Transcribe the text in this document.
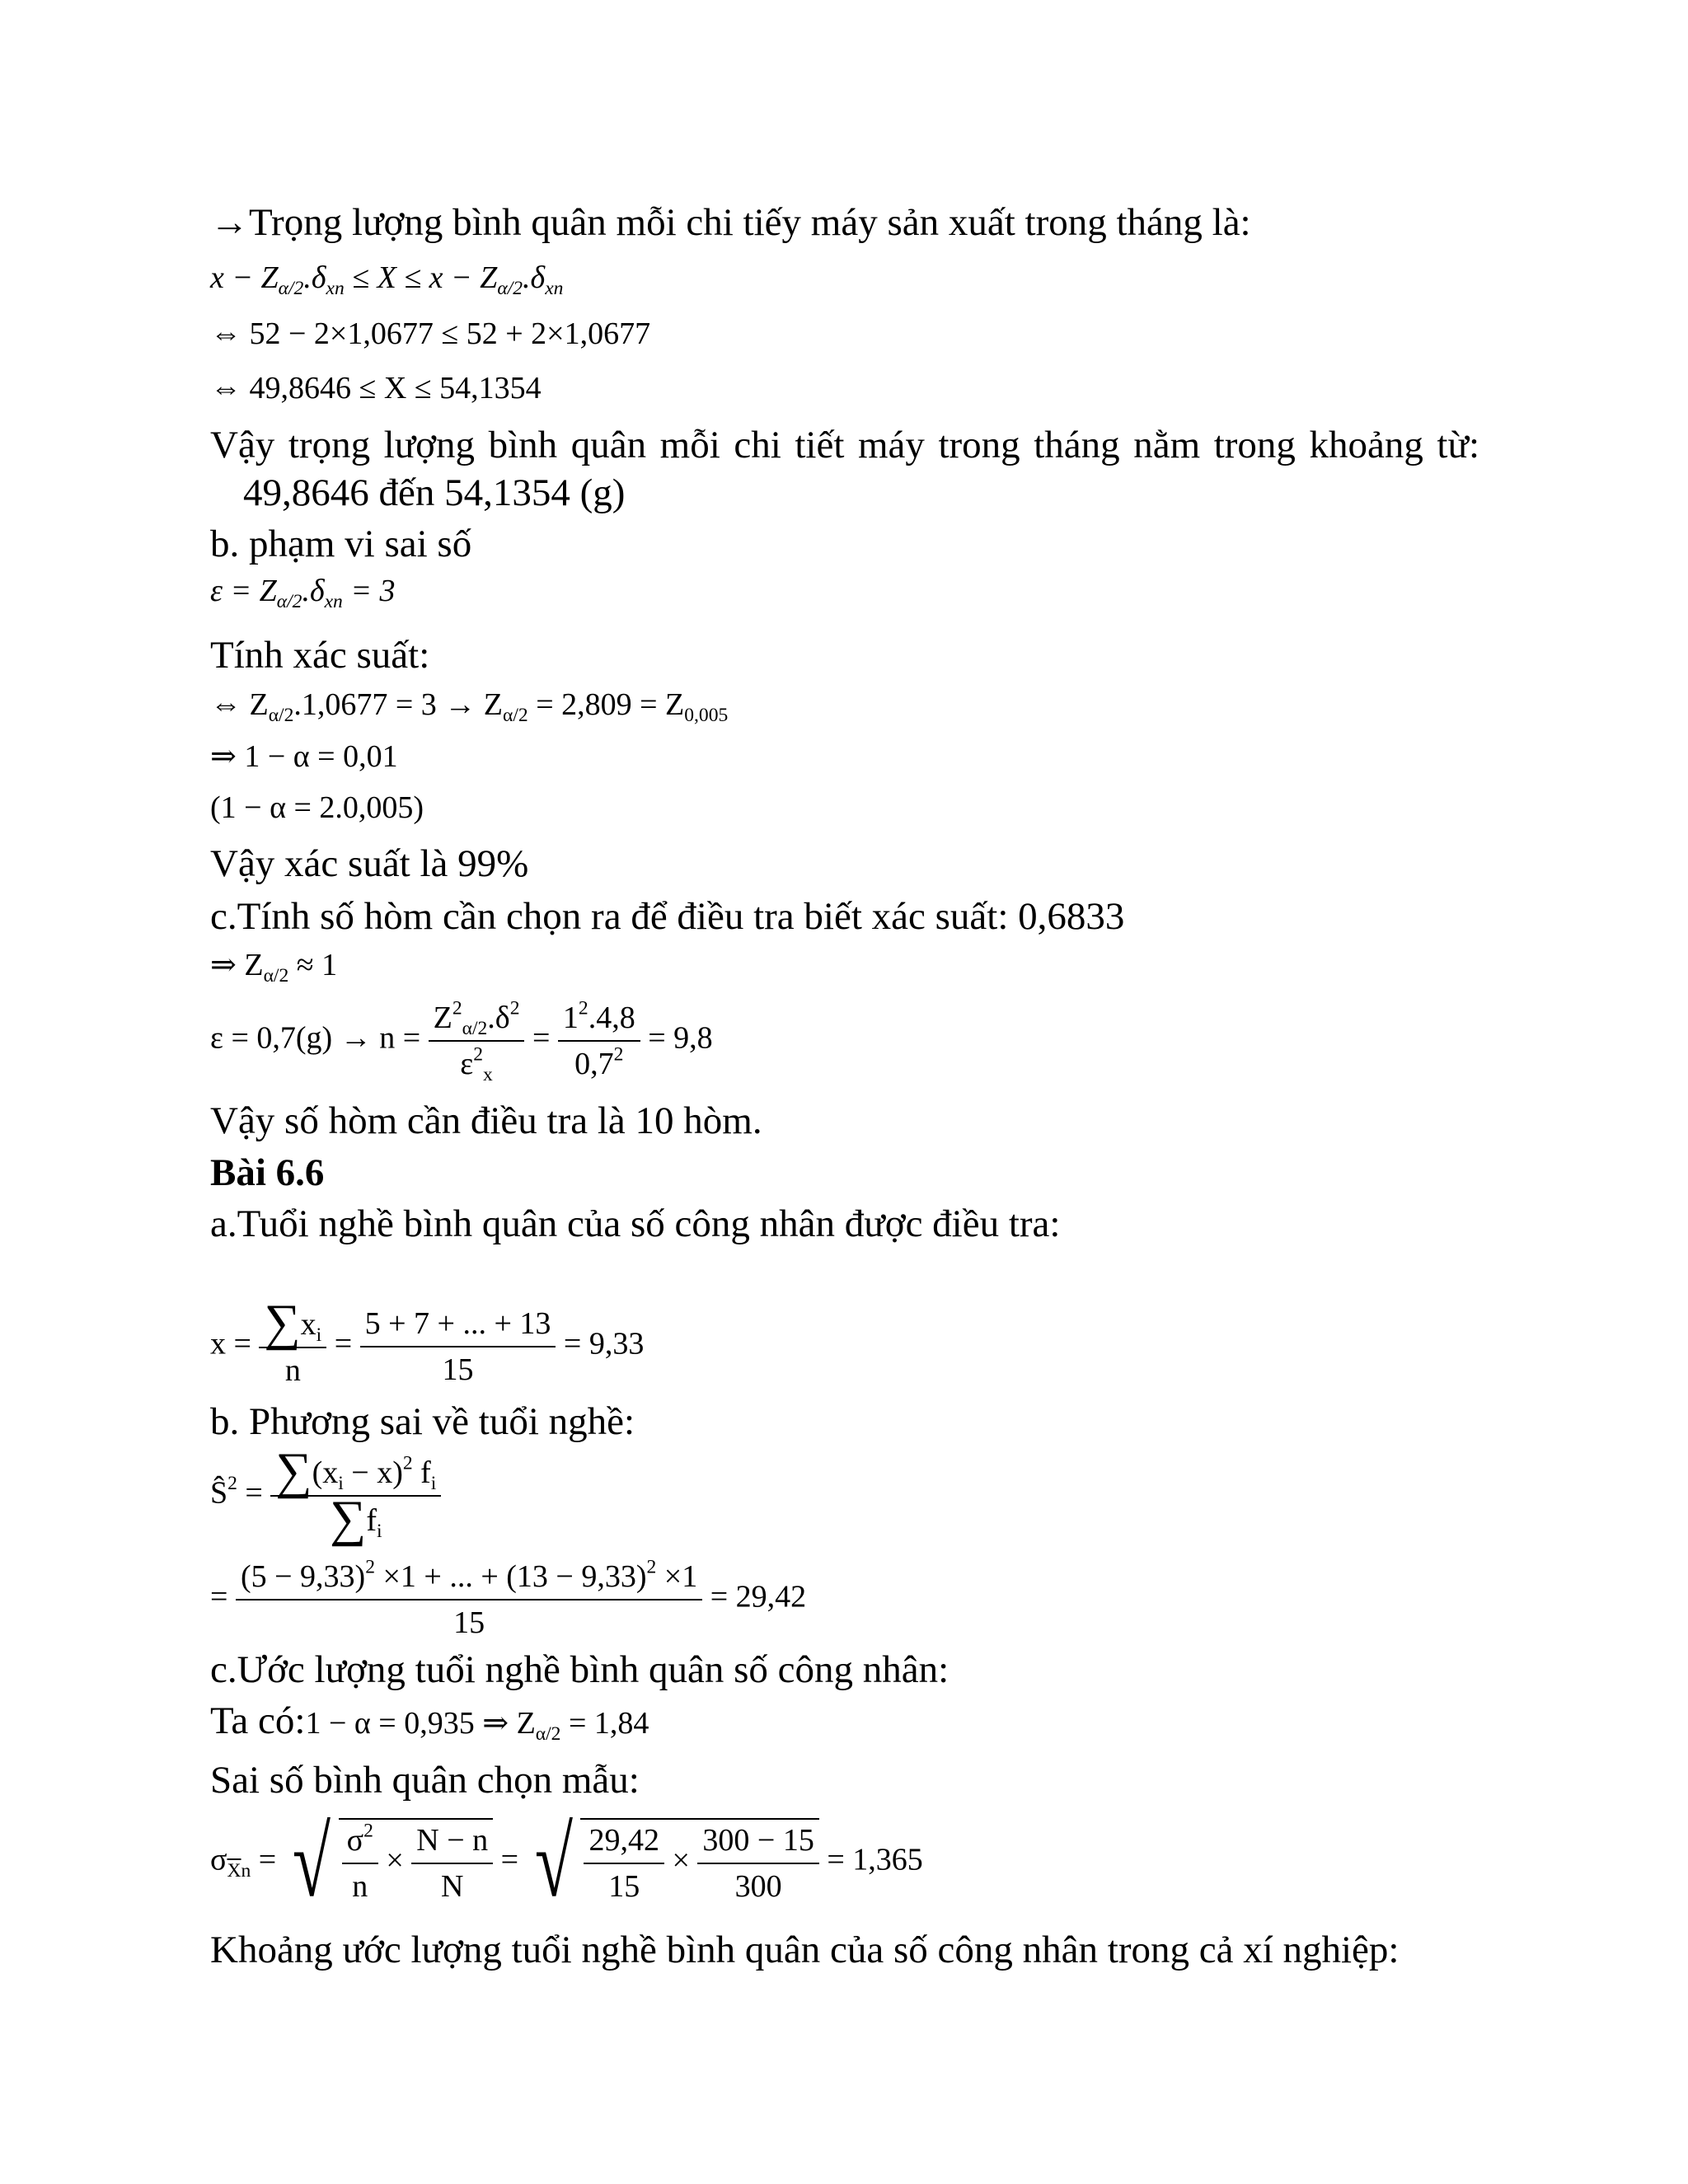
→Trọng lượng bình quân mỗi chi tiếy máy sản xuất trong tháng là:
$x - Z_{\alpha/2}.\delta_{xn} \le X \le x - Z_{\alpha/2}.\delta_{xn}$
⇔ 52 − 2×1,0677 ≤ 52 + 2×1,0677
⇔ 49,8646 ≤ X ≤ 54,1354
Vậy trọng lượng bình quân mỗi chi tiết máy trong tháng nằm trong khoảng từ:
49,8646 đến 54,1354 (g)
b. phạm vi sai số
$\varepsilon = Z_{\alpha/2}.\delta_{xn} = 3$
Tính xác suất:
⇔ $Z_{\alpha/2}.1,0677 = 3 \to Z_{\alpha/2} = 2,809 = Z_{0,005}$
⇒ 1 − α = 0,01
(1 − α = 2.0,005)
Vậy xác suất là 99%
c.Tính số hòm cần chọn ra để điều tra biết xác suất: 0,6833
⇒ $Z_{\alpha/2} \approx 1$
$\varepsilon = 0,7(g) \to n = \frac{Z^2_{\alpha/2}.\delta^2}{\varepsilon^2_x} = \frac{1^2.4,8}{0,7^2} = 9,8$
Vậy số hòm cần điều tra là 10 hòm.
Bài 6.6
a.Tuổi nghề bình quân của số công nhân được điều tra:
$x = \frac{\sum x_i}{n} = \frac{5 + 7 + ... + 13}{15} = 9,33$
b. Phương sai về tuổi nghề:
$Ŝ^2 = \frac{\sum(x_i - x)^2 f_i}{\sum f_i}$
= $\frac{(5 - 9,33)^2 \times 1 + ... + (13 - 9,33)^2 \times 1}{15} = 29,42$
c.Ước lượng tuổi nghề bình quân số công nhân:
Ta có:1 − α = 0,935 ⇒ $Z_{\alpha/2} = 1,84$
Sai số bình quân chọn mẫu:
$\sigma_{\overline{X}n}$ = √ $\frac{\sigma^2}{n} \times \frac{N - n}{N}$ = √ $\frac{29,42}{15} \times \frac{300 - 15}{300} = 1,365$
Khoảng ước lượng tuổi nghề bình quân của số công nhân trong cả xí nghiệp:
